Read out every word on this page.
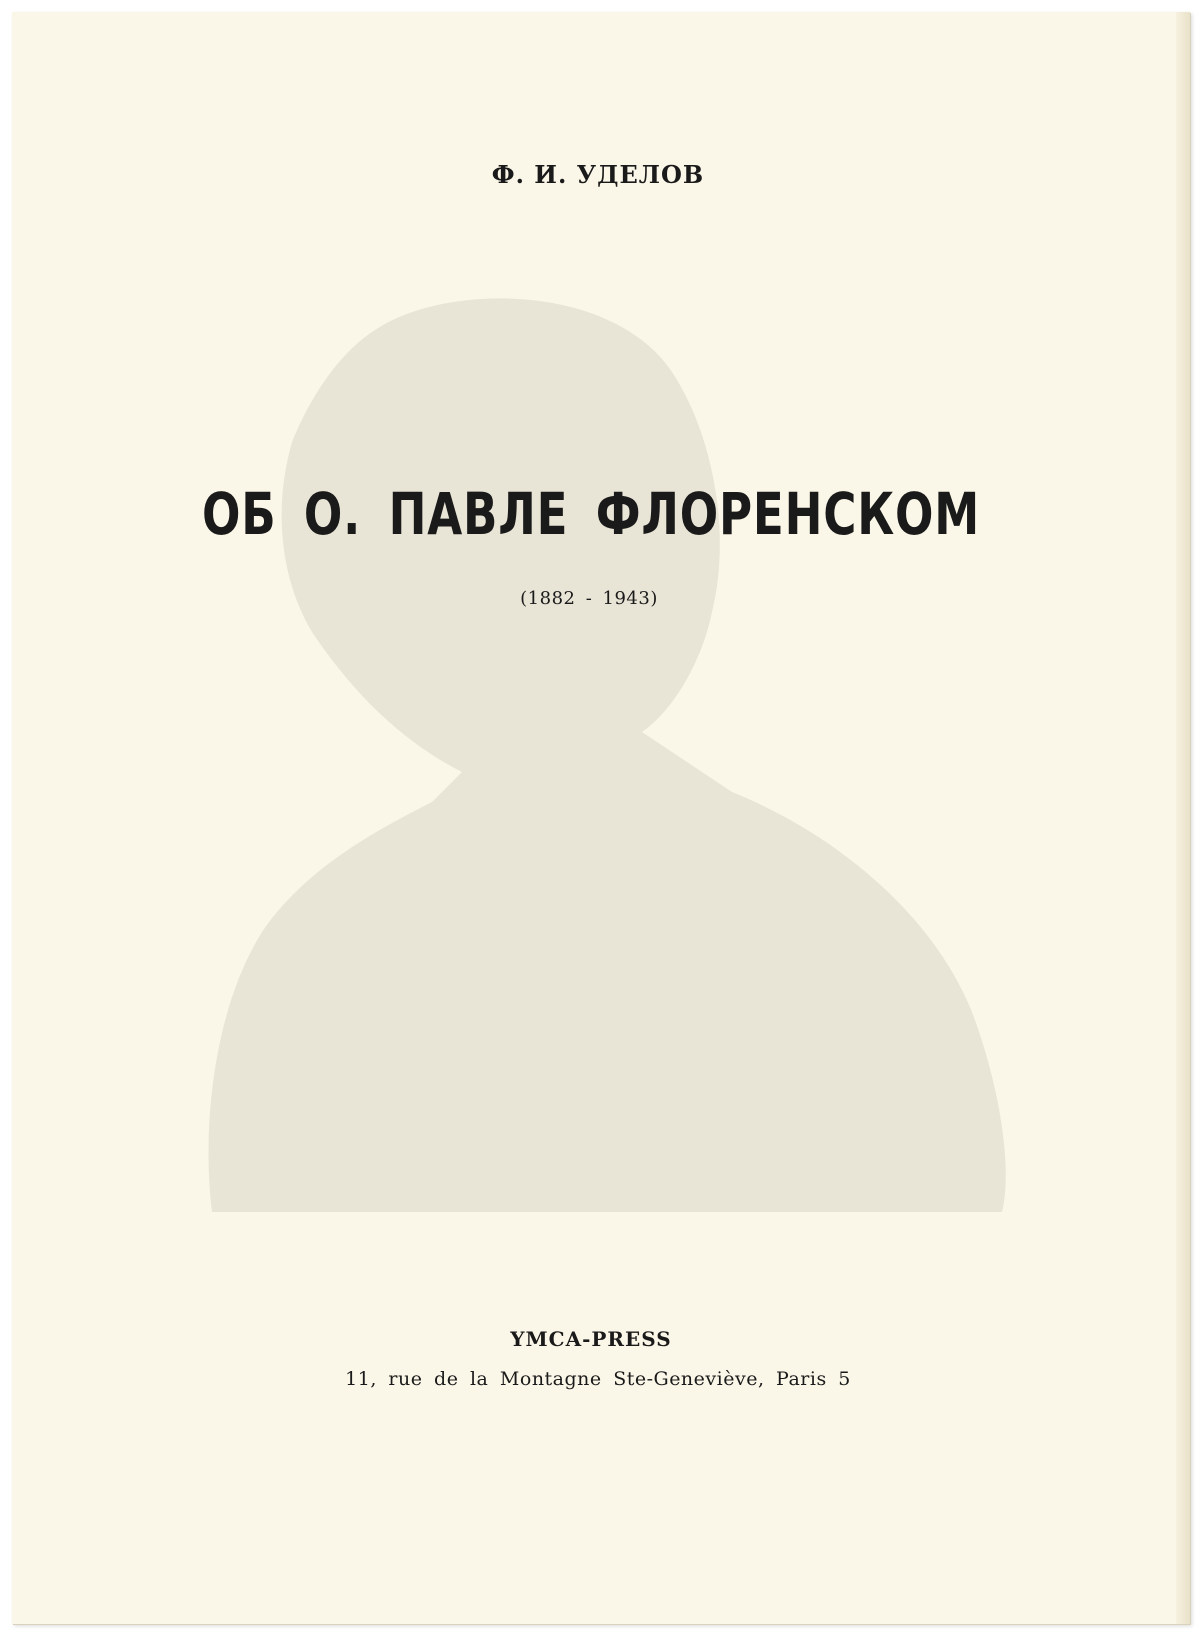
Ф. И. УДЕЛОВ
ОБ О. ПАВЛЕ ФЛОРЕНСКОМ
(1882 - 1943)
YMCA-PRESS
11, rue de la Montagne Ste-Geneviève, Paris 5
